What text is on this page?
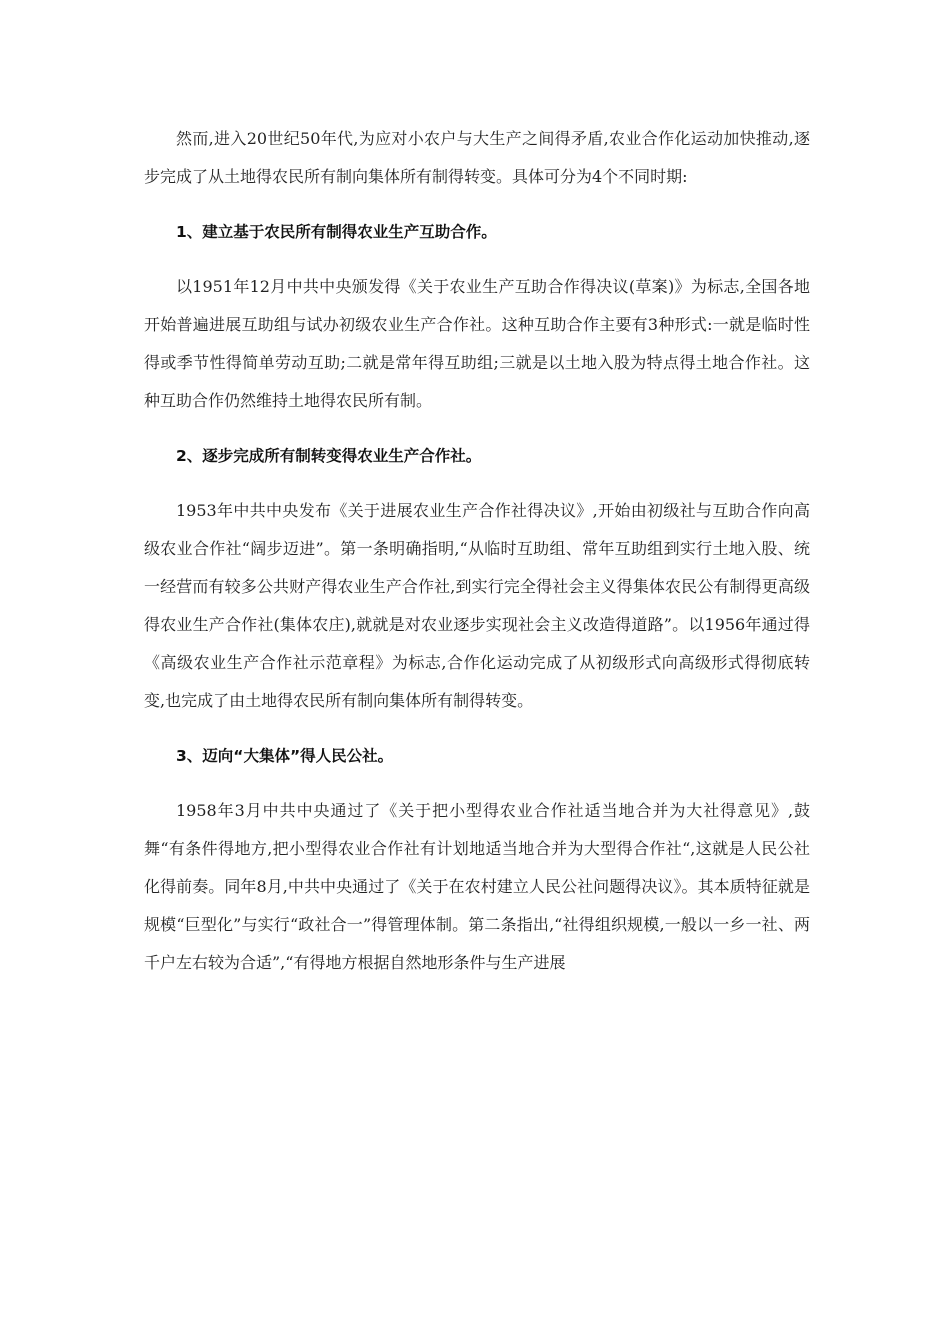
然而,进入20世纪50年代,为应对小农户与大生产之间得矛盾,农业合作化运动加快推动,逐步完成了从土地得农民所有制向集体所有制得转变。具体可分为4个不同时期:

1、建立基于农民所有制得农业生产互助合作。

以1951年12月中共中央颁发得《关于农业生产互助合作得决议(草案)》为标志,全国各地开始普遍进展互助组与试办初级农业生产合作社。这种互助合作主要有3种形式:一就是临时性得或季节性得简单劳动互助;二就是常年得互助组;三就是以土地入股为特点得土地合作社。这种互助合作仍然维持土地得农民所有制。

2、逐步完成所有制转变得农业生产合作社。

1953年中共中央发布《关于进展农业生产合作社得决议》,开始由初级社与互助合作向高级农业合作社“阔步迈进”。第一条明确指明,“从临时互助组、常年互助组到实行土地入股、统一经营而有较多公共财产得农业生产合作社,到实行完全得社会主义得集体农民公有制得更高级得农业生产合作社(集体农庄),就就是对农业逐步实现社会主义改造得道路”。以1956年通过得《高级农业生产合作社示范章程》为标志,合作化运动完成了从初级形式向高级形式得彻底转变,也完成了由土地得农民所有制向集体所有制得转变。

3、迈向“大集体”得人民公社。

1958年3月中共中央通过了《关于把小型得农业合作社适当地合并为大社得意见》,鼓舞“有条件得地方,把小型得农业合作社有计划地适当地合并为大型得合作社“,这就是人民公社化得前奏。同年8月,中共中央通过了《关于在农村建立人民公社问题得决议》。其本质特征就是规模“巨型化”与实行“政社合一”得管理体制。第二条指出,“社得组织规模,一般以一乡一社、两千户左右较为合适”,“有得地方根据自然地形条件与生产进展
